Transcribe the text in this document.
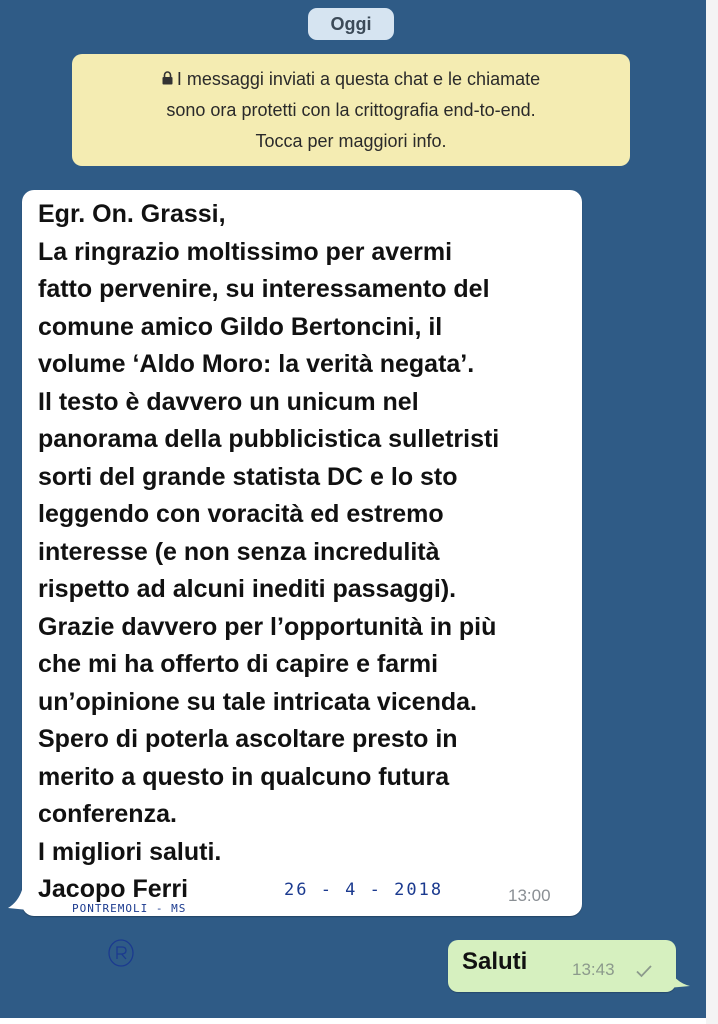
Oggi
I messaggi inviati a questa chat e le chiamate
sono ora protetti con la crittografia end-to-end.
Tocca per maggiori info.
Egr. On. Grassi,
La ringrazio moltissimo per avermi
fatto pervenire, su interessamento del
comune amico Gildo Bertoncini, il
volume ‘Aldo Moro: la verità negata’.
Il testo è davvero un unicum nel
panorama della pubblicistica sulletristi
sorti del grande statista DC e lo sto
leggendo con voracità ed estremo
interesse (e non senza incredulità
rispetto ad alcuni inediti passaggi).
Grazie davvero per l’opportunità in più
che mi ha offerto di capire e farmi
un’opinione su tale intricata vicenda.
Spero di poterla ascoltare presto in
merito a questo in qualcuno futura
conferenza.
I migliori saluti.
Jacopo Ferri	13:00
26 - 4 - 2018
PONTREMOLI - MS
Saluti	13:43
